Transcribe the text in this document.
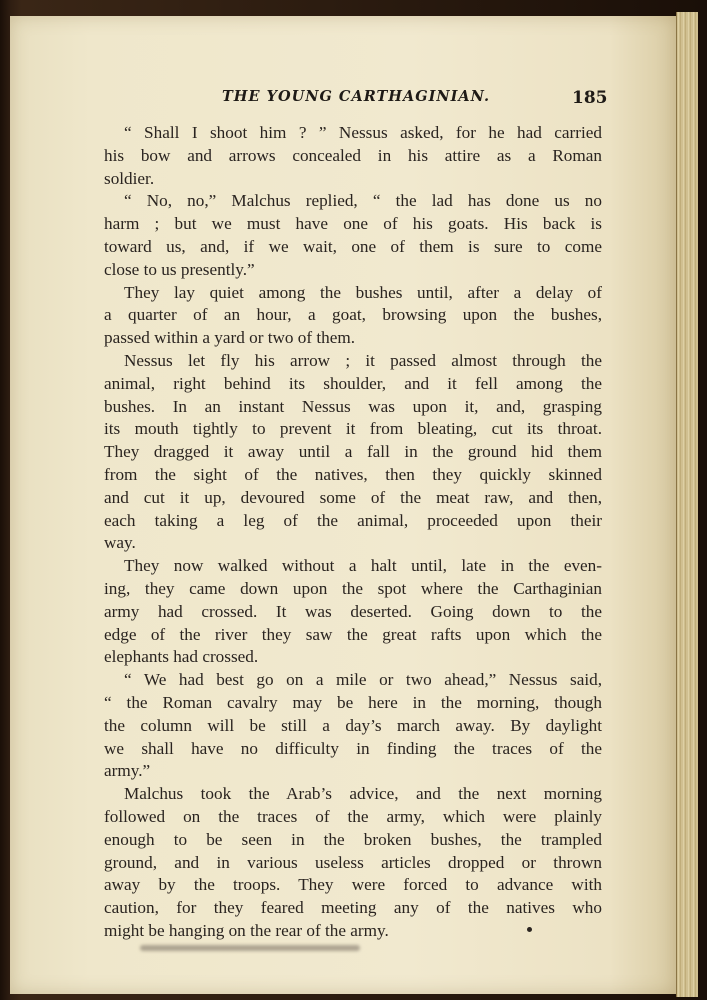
THE YOUNG CARTHAGINIAN.	185
“ Shall I shoot him ? ” Nessus asked, for he had carried
his bow and arrows concealed in his attire as a Roman
soldier.
“ No, no,” Malchus replied, “ the lad has done us no
harm ; but we must have one of his goats. His back is
toward us, and, if we wait, one of them is sure to come
close to us presently.”
They lay quiet among the bushes until, after a delay of
a quarter of an hour, a goat, browsing upon the bushes,
passed within a yard or two of them.
Nessus let fly his arrow ; it passed almost through the
animal, right behind its shoulder, and it fell among the
bushes. In an instant Nessus was upon it, and, grasping
its mouth tightly to prevent it from bleating, cut its throat.
They dragged it away until a fall in the ground hid them
from the sight of the natives, then they quickly skinned
and cut it up, devoured some of the meat raw, and then,
each taking a leg of the animal, proceeded upon their
way.
They now walked without a halt until, late in the even-
ing, they came down upon the spot where the Carthaginian
army had crossed. It was deserted. Going down to the
edge of the river they saw the great rafts upon which the
elephants had crossed.
“ We had best go on a mile or two ahead,” Nessus said,
“ the Roman cavalry may be here in the morning, though
the column will be still a day’s march away. By daylight
we shall have no difficulty in finding the traces of the
army.”
Malchus took the Arab’s advice, and the next morning
followed on the traces of the army, which were plainly
enough to be seen in the broken bushes, the trampled
ground, and in various useless articles dropped or thrown
away by the troops. They were forced to advance with
caution, for they feared meeting any of the natives who
might be hanging on the rear of the army.
